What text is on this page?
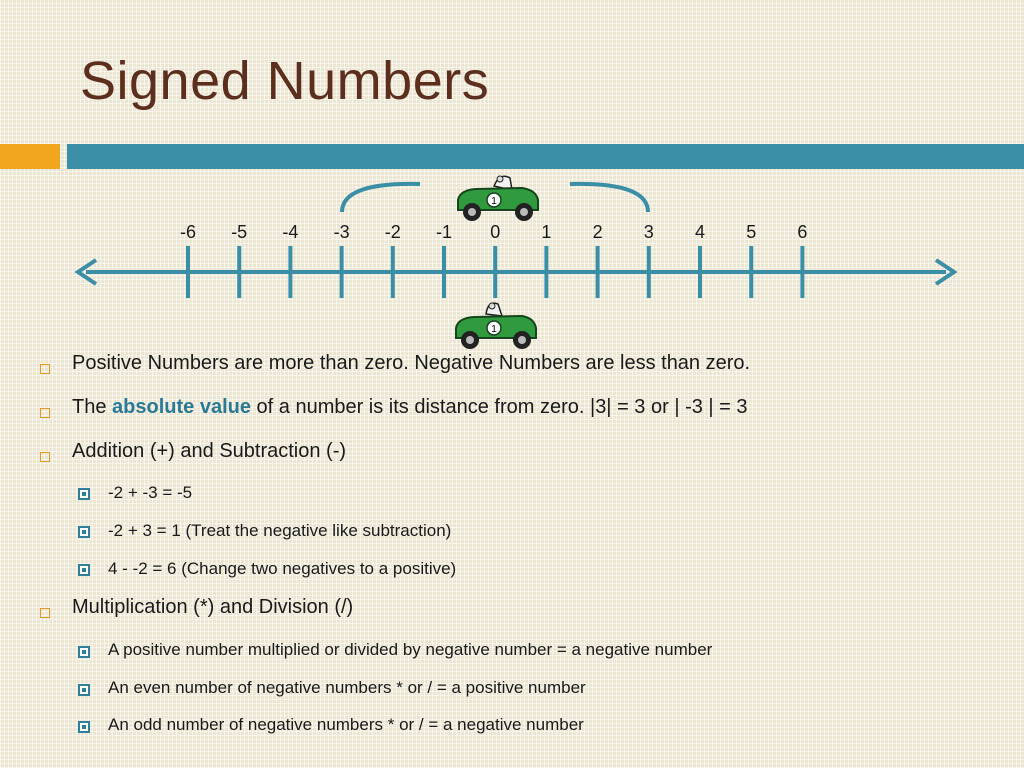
Signed Numbers
1
-6 -5 -4 -3 -2 -1 0 1 2 3 4 5 6
1
Positive Numbers are more than zero. Negative Numbers are less than zero.
The absolute value of a number is its distance from zero. |3| = 3 or | -3 | = 3
Addition (+) and Subtraction (-)
-2 + -3 = -5
-2 + 3 = 1 (Treat the negative like subtraction)
4 - -2 = 6 (Change two negatives to a positive)
Multiplication (*) and Division (/)
A positive number multiplied or divided by negative number = a negative number
An even number of negative numbers * or / = a positive number
An odd number of negative numbers * or / = a negative number
